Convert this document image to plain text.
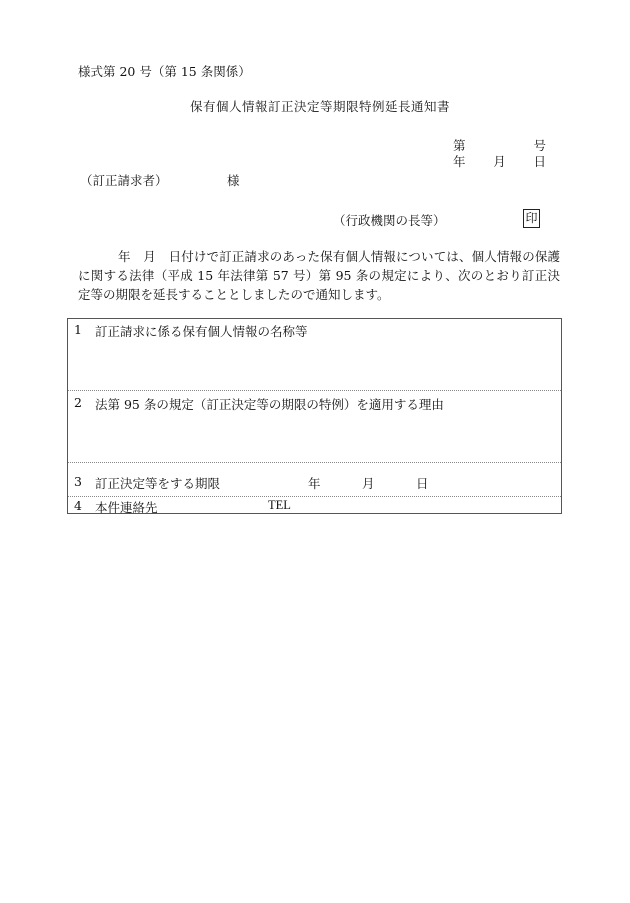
様式第 20 号（第 15 条関係）
保有個人情報訂正決定等期限特例延長通知書
第	号
年 月 日
（訂正請求者）	様
（行政機関の長等）	印
年　月　日付けで訂正請求のあった保有個人情報については、個人情報の保護に関する法律（平成 15 年法律第 57 号）第 95 条の規定により、次のとおり訂正決定等の期限を延長することとしましたので通知します。
1 訂正請求に係る保有個人情報の名称等
2 法第 95 条の規定（訂正決定等の期限の特例）を適用する理由
3 訂正決定等をする期限	年	月	日
4 本件連絡先	TEL
